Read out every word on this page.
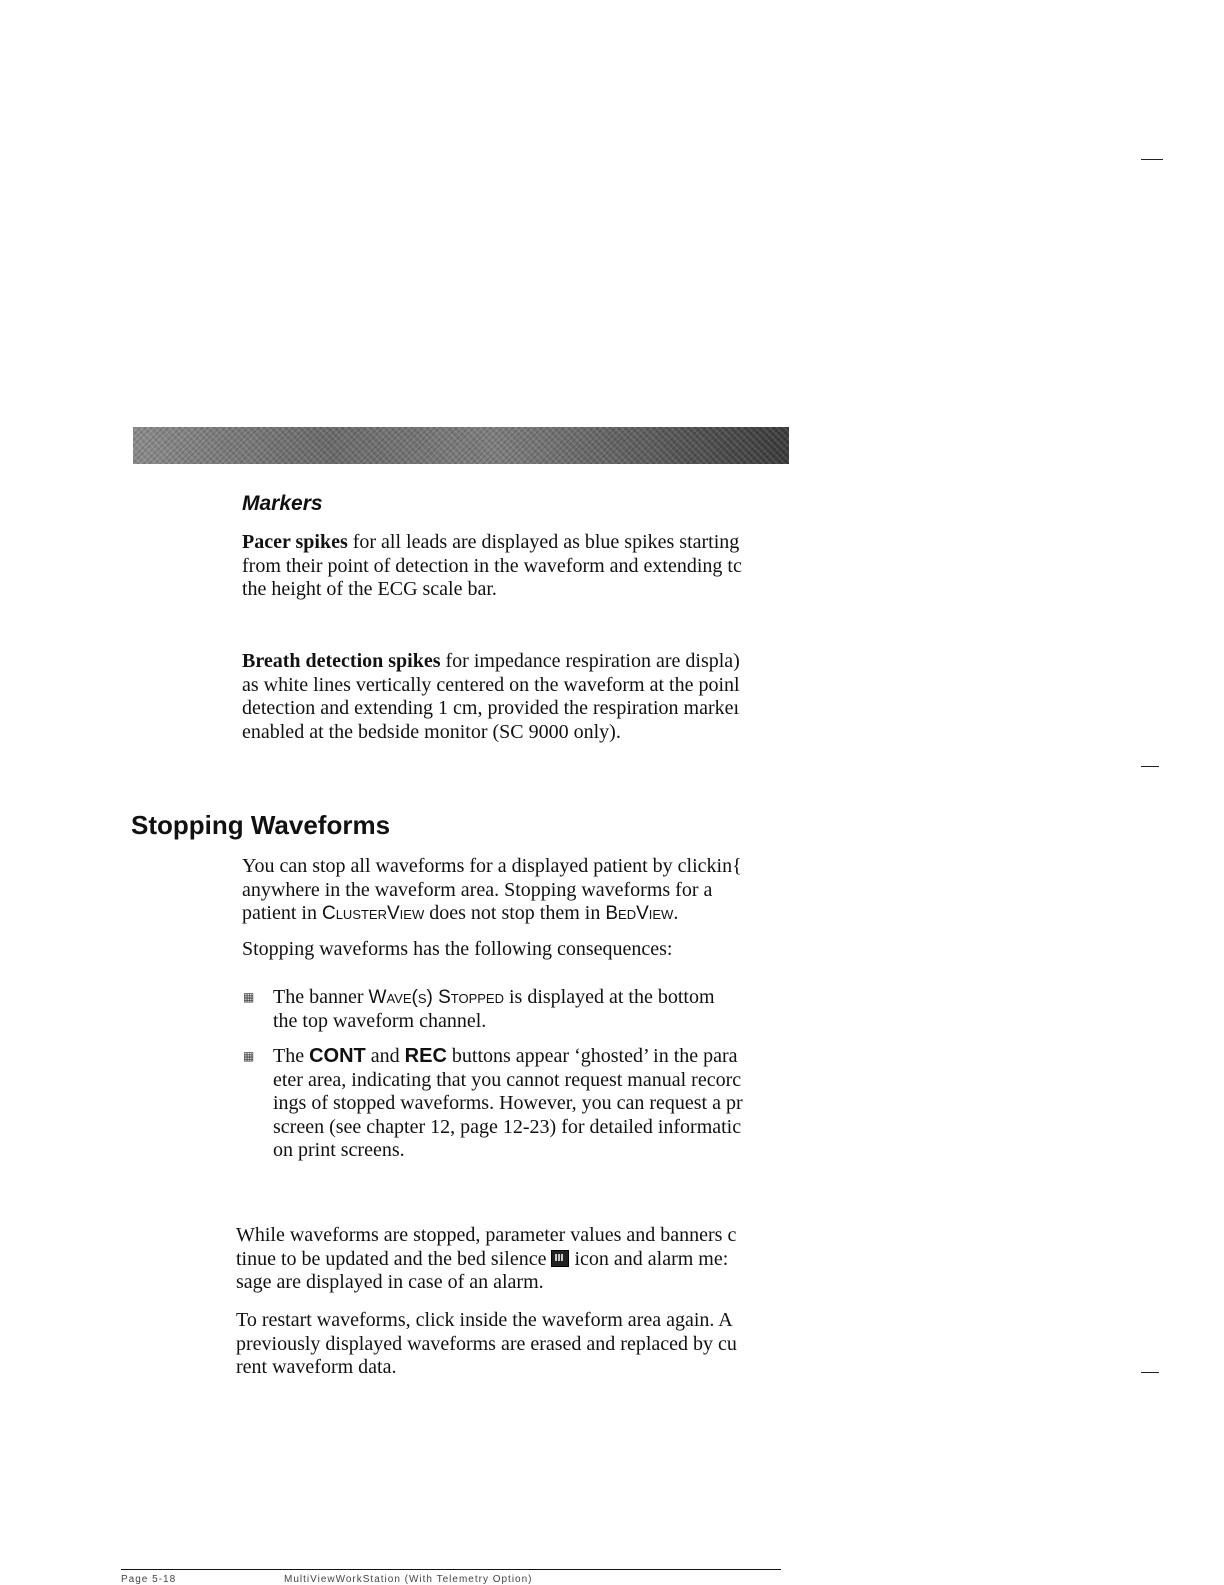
Markers
Pacer spikes for all leads are displayed as blue spikes starting
from their point of detection in the waveform and extending tc
the height of the ECG scale bar.
Breath detection spikes for impedance respiration are displa)
as white lines vertically centered on the waveform at the poinl
detection and extending 1 cm, provided the respiration markeı
enabled at the bedside monitor (SC 9000 only).
Stopping Waveforms
You can stop all waveforms for a displayed patient by clickin{
anywhere in the waveform area. Stopping waveforms for a
patient in ClusterView does not stop them in BedView.
Stopping waveforms has the following consequences:
▦ The banner Wave(s) Stopped is displayed at the bottom
the top waveform channel.
▦ The CONT and REC buttons appear ‘ghosted’ in the para
eter area, indicating that you cannot request manual recorc
ings of stopped waveforms. However, you can request a pr
screen (see chapter 12, page 12-23) for detailed informatic
on print screens.
While waveforms are stopped, parameter values and banners c
tinue to be updated and the bed silence  icon and alarm me:
sage are displayed in case of an alarm.
To restart waveforms, click inside the waveform area again. A
previously displayed waveforms are erased and replaced by cu
rent waveform data.
Page 5-18	MultiViewWorkStation (With Telemetry Option)
